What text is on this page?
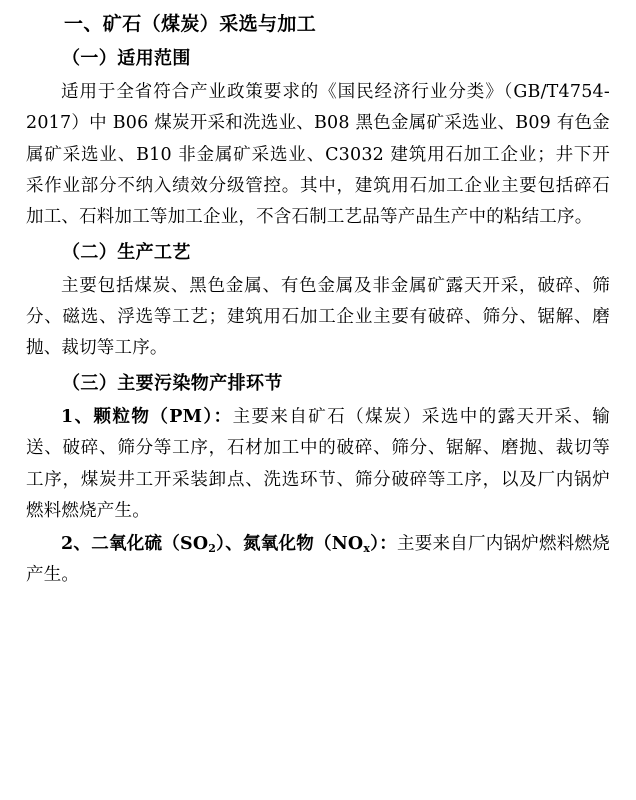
一、矿石（煤炭）采选与加工
（一）适用范围

适用于全省符合产业政策要求的《国民经济行业分类》（GB/T4754-2017）中 B06 煤炭开采和洗选业、B08 黑色金属矿采选业、B09 有色金属矿采选业、B10 非金属矿采选业、C3032 建筑用石加工企业；井下开采作业部分不纳入绩效分级管控。其中，建筑用石加工企业主要包括碎石加工、石料加工等加工企业，不含石制工艺品等产品生产中的粘结工序。

（二）生产工艺

主要包括煤炭、黑色金属、有色金属及非金属矿露天开采，破碎、筛分、磁选、浮选等工艺；建筑用石加工企业主要有破碎、筛分、锯解、磨抛、裁切等工序。

（三）主要污染物产排环节

1、颗粒物（PM）：主要来自矿石（煤炭）采选中的露天开采、输送、破碎、筛分等工序，石材加工中的破碎、筛分、锯解、磨抛、裁切等工序，煤炭井工开采装卸点、洗选环节、筛分破碎等工序，以及厂内锅炉燃料燃烧产生。

2、二氧化硫$(SO_2)$、氮氧化物$(NO_x)$：主要来自厂内锅炉燃料燃烧产生。
